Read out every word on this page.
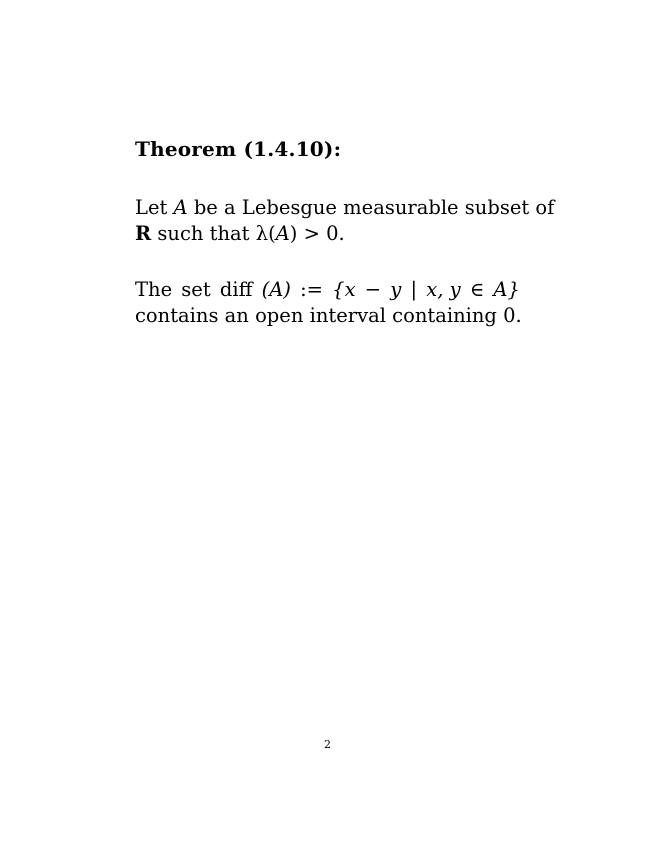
Theorem (1.4.10):

Let A be a Lebesgue measurable subset of
R such that λ(A) > 0.

The set diff (A) := {x − y | x, y ∈ A}
contains an open interval containing 0.

2
